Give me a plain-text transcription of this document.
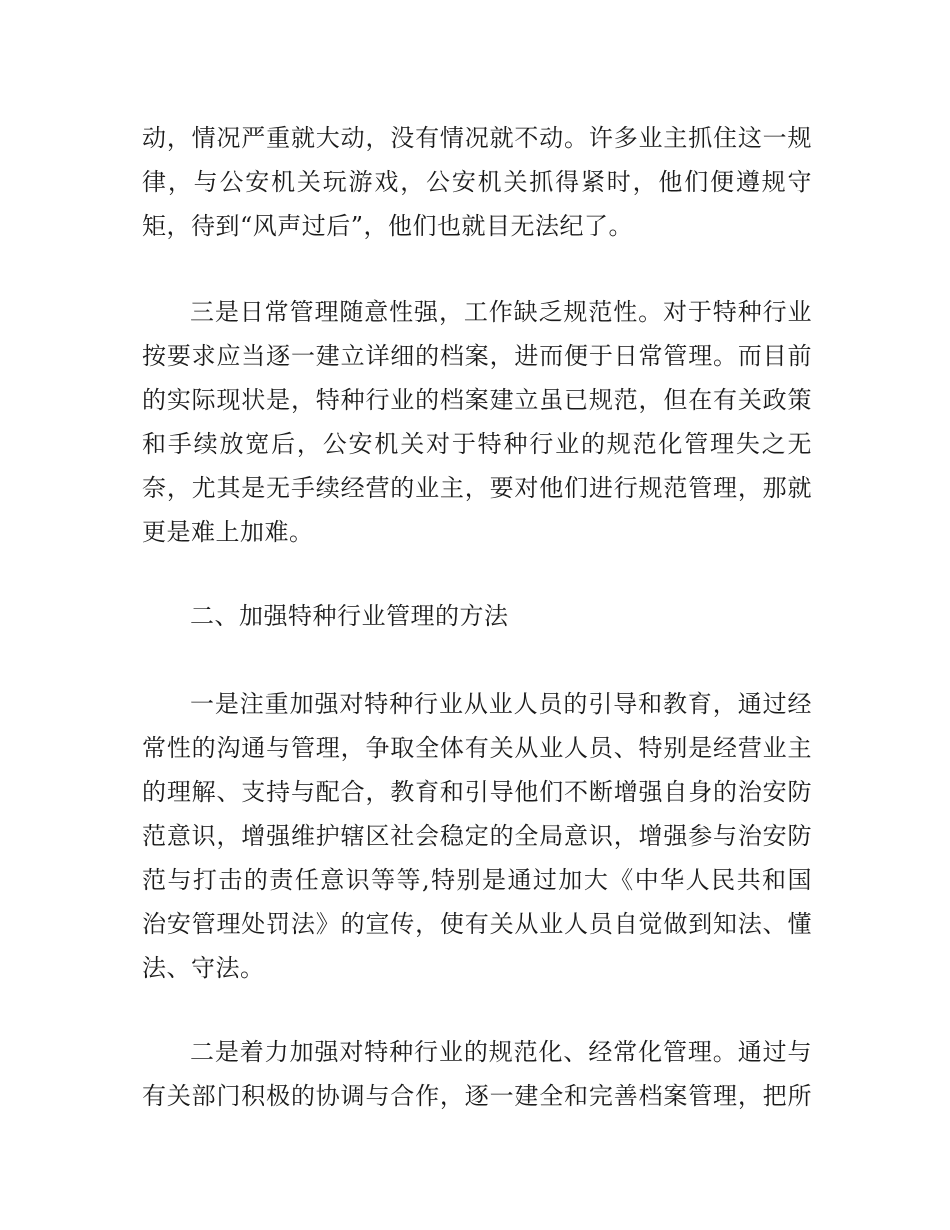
动，情况严重就大动，没有情况就不动。许多业主抓住这一规
律，与公安机关玩游戏，公安机关抓得紧时，他们便遵规守
矩，待到“风声过后”，他们也就目无法纪了。
三是日常管理随意性强，工作缺乏规范性。对于特种行业
按要求应当逐一建立详细的档案，进而便于日常管理。而目前
的实际现状是，特种行业的档案建立虽已规范，但在有关政策
和手续放宽后，公安机关对于特种行业的规范化管理失之无
奈，尤其是无手续经营的业主，要对他们进行规范管理，那就
更是难上加难。
二、加强特种行业管理的方法
一是注重加强对特种行业从业人员的引导和教育，通过经
常性的沟通与管理，争取全体有关从业人员、特别是经营业主
的理解、支持与配合，教育和引导他们不断增强自身的治安防
范意识，增强维护辖区社会稳定的全局意识，增强参与治安防
范与打击的责任意识等等,特别是通过加大《中华人民共和国
治安管理处罚法》的宣传，使有关从业人员自觉做到知法、懂
法、守法。
二是着力加强对特种行业的规范化、经常化管理。通过与
有关部门积极的协调与合作，逐一建全和完善档案管理，把所
